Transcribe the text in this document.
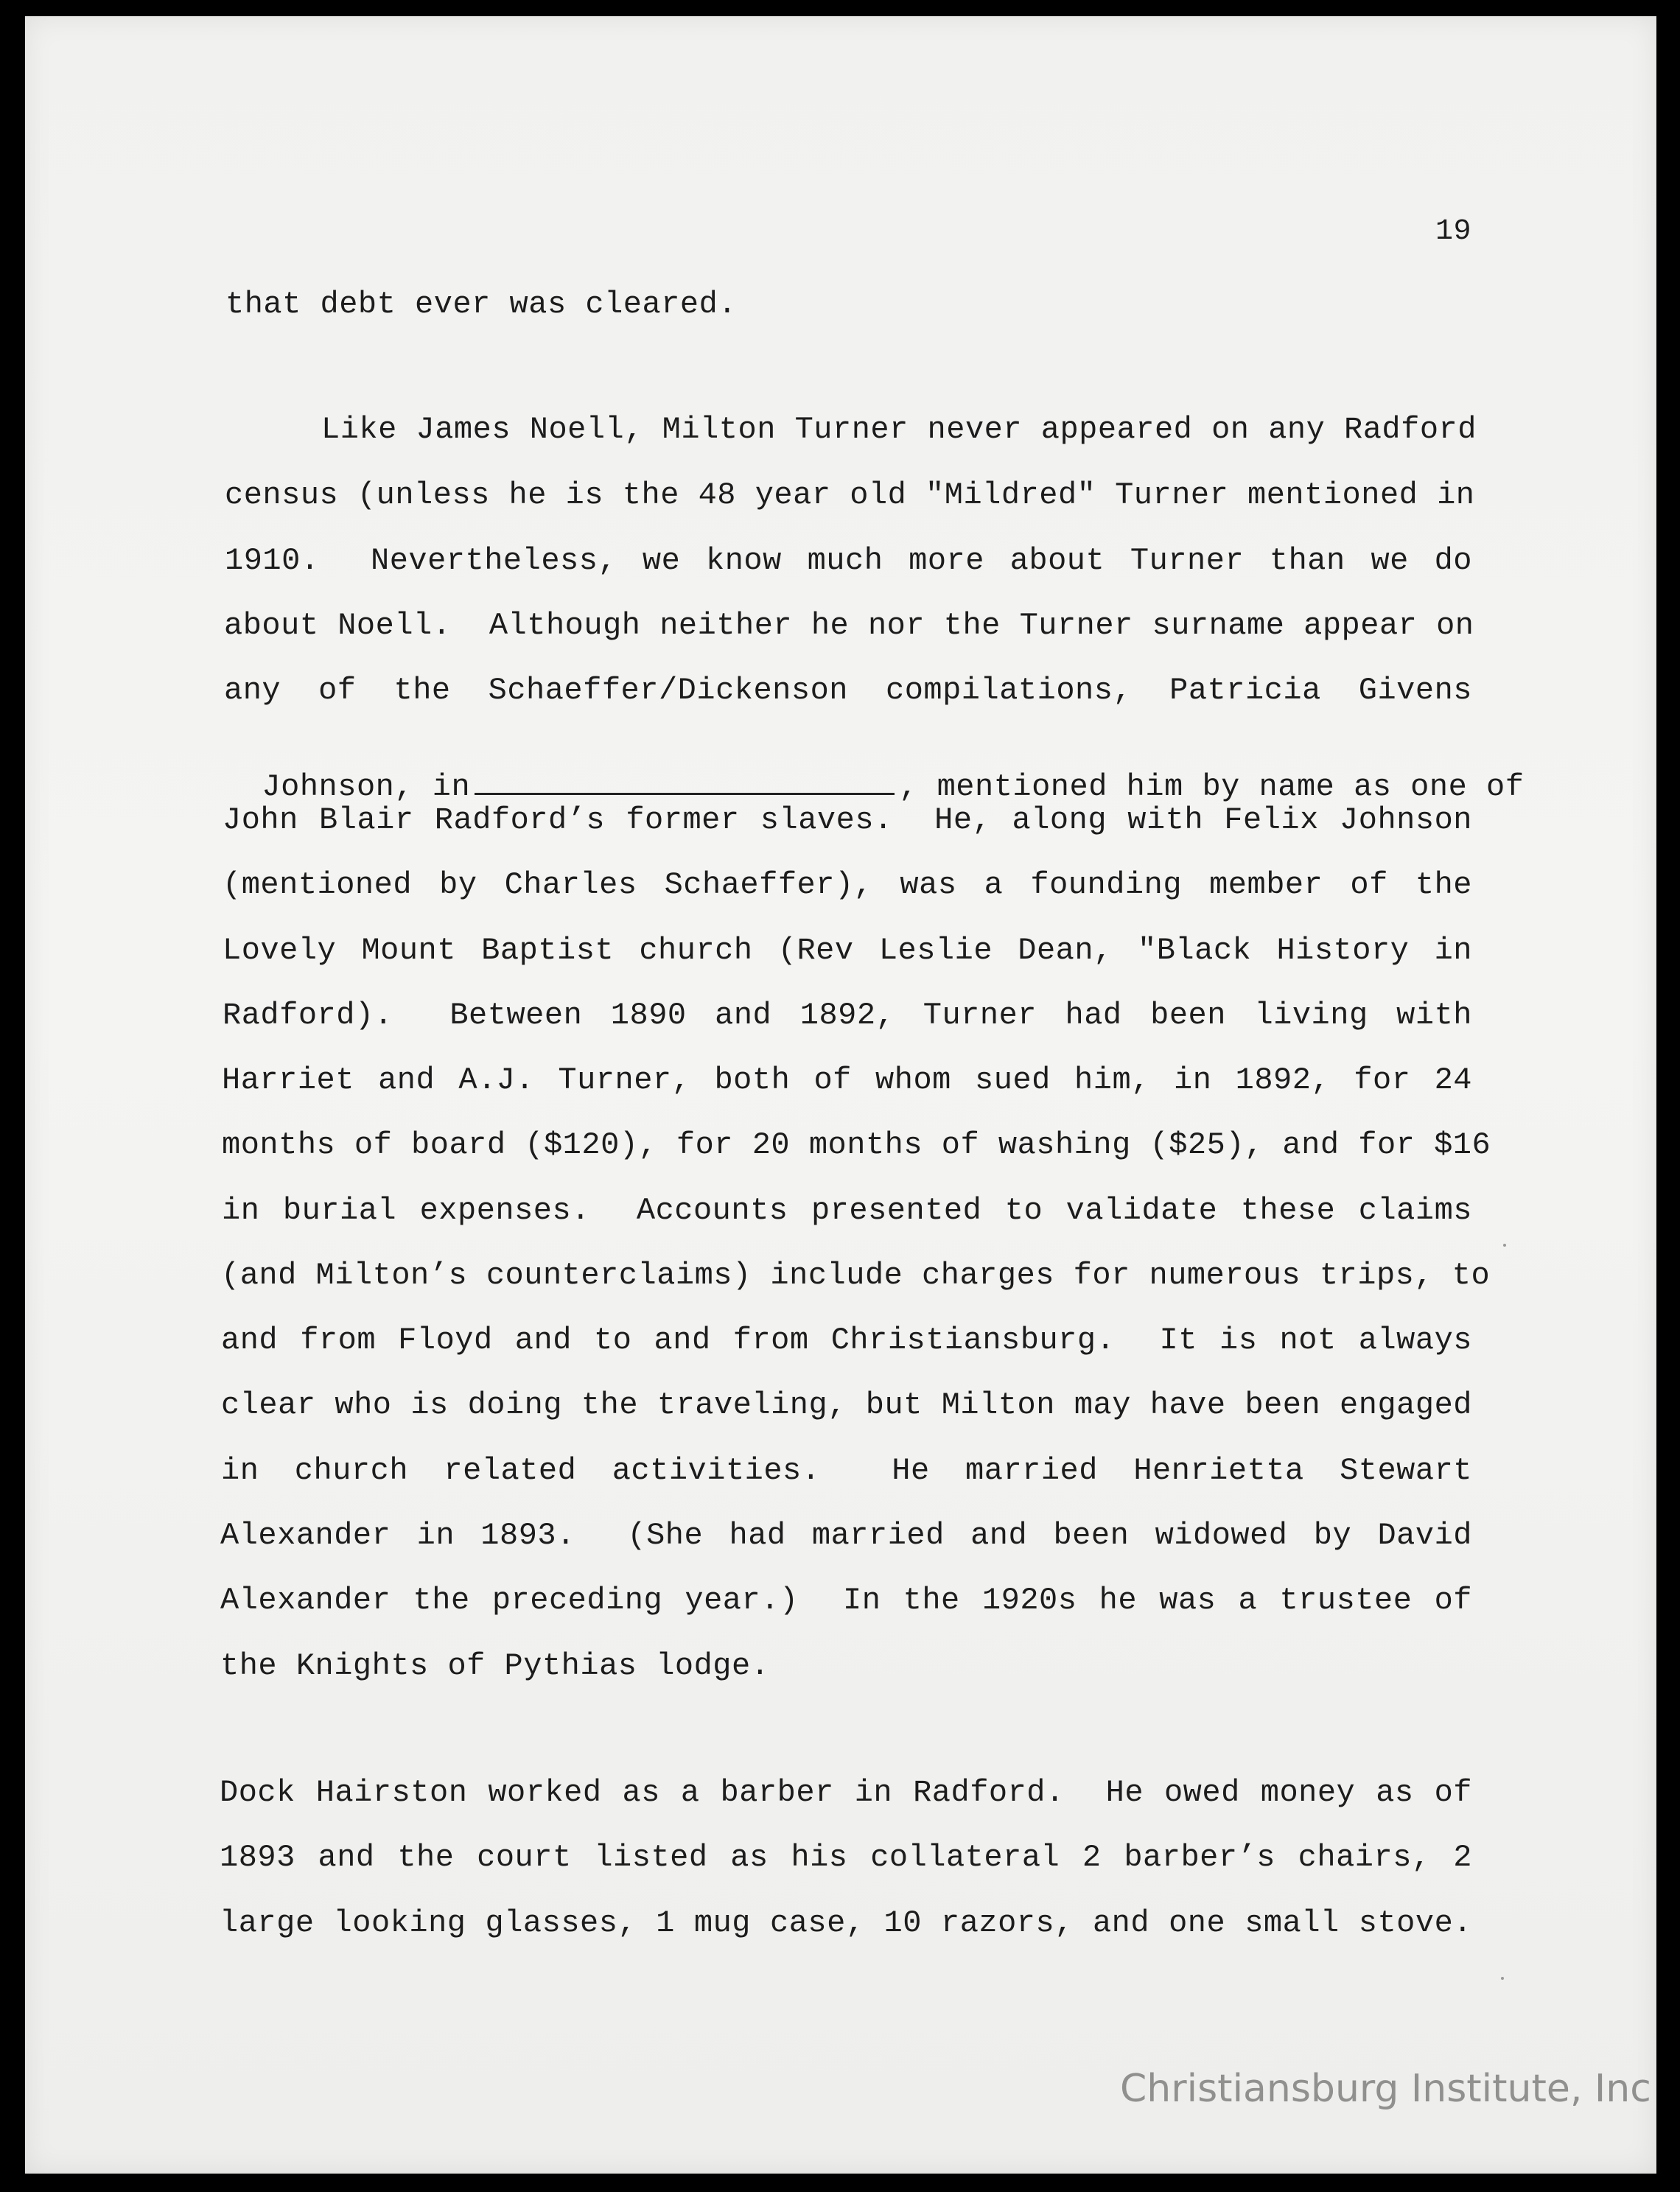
19
that debt ever was cleared.
Like James Noell, Milton Turner never appeared on any Radford
census (unless he is the 48 year old "Mildred" Turner mentioned in
1910.  Nevertheless, we know much more about Turner than we do
about Noell.  Although neither he nor the Turner surname appear on
any of the Schaeffer/Dickenson compilations, Patricia Givens

Johnson, in	, mentioned him by name as one of

John Blair Radford’s former slaves.  He, along with Felix Johnson
(mentioned by Charles Schaeffer), was a founding member of the
Lovely Mount Baptist church (Rev Leslie Dean, "Black History in
Radford).  Between 1890 and 1892, Turner had been living with
Harriet and A.J. Turner, both of whom sued him, in 1892, for 24
months of board ($120), for 20 months of washing ($25), and for $16
in burial expenses.  Accounts presented to validate these claims
(and Milton’s counterclaims) include charges for numerous trips, to
and from Floyd and to and from Christiansburg.  It is not always
clear who is doing the traveling, but Milton may have been engaged
in church related activities.  He married Henrietta Stewart
Alexander in 1893.  (She had married and been widowed by David
Alexander the preceding year.)  In the 1920s he was a trustee of
the Knights of Pythias lodge.
Dock Hairston worked as a barber in Radford.  He owed money as of
1893 and the court listed as his collateral 2 barber’s chairs, 2
large looking glasses, 1 mug case, 10 razors, and one small stove.
Christiansburg Institute, Inc
